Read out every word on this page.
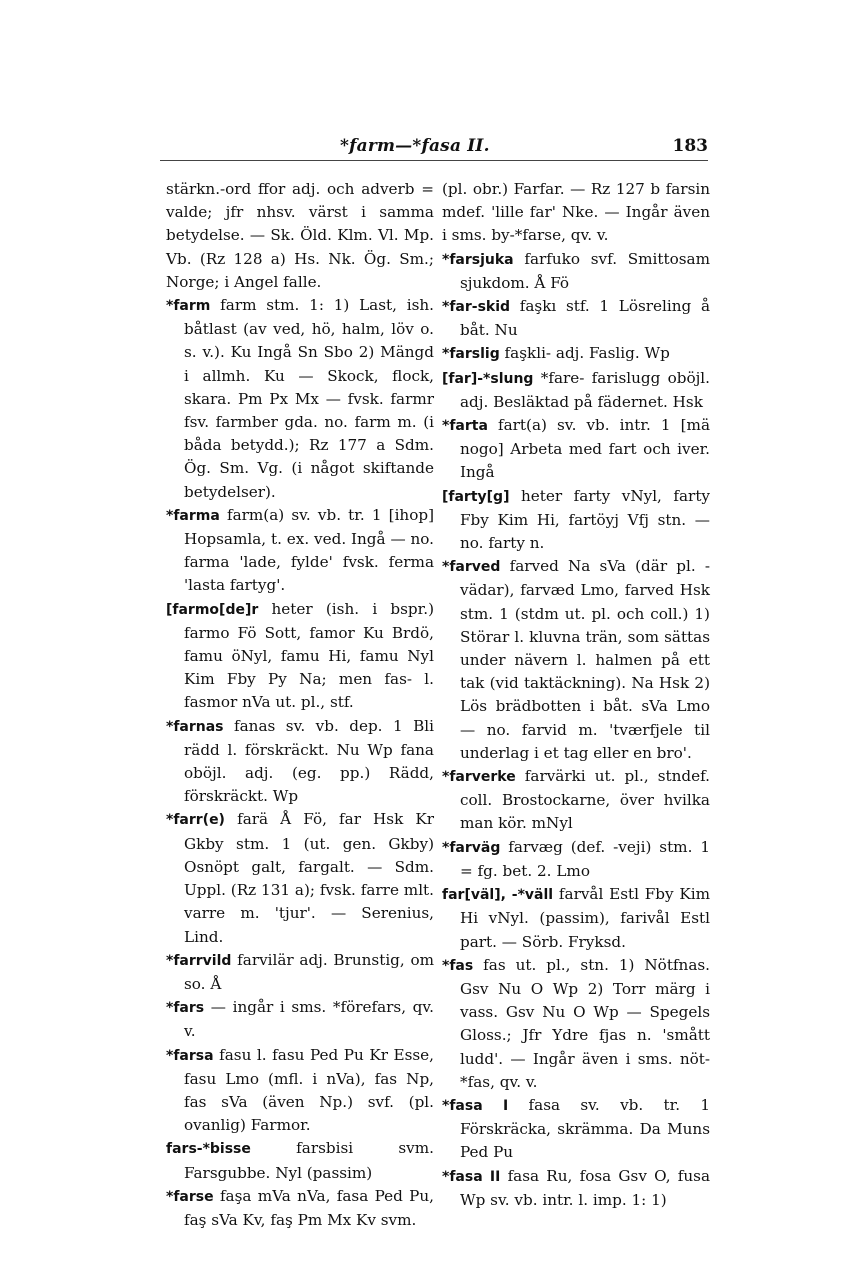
*farm—*fasa II.	183

stärkn.-ord ffor adj. och adverb = valde; jfr nhsv. värst i samma betydelse. — Sk. Öld. Klm. Vl. Mp. Vb. (Rz 128 a) Hs. Nk. Ög. Sm.; Norge; i Angel falle.

*farm farm stm. 1: 1) Last, ish. båtlast (av ved, hö, halm, löv o. s. v.). Ku Ingå Sn Sbo 2) Mängd i allmh. Ku — Skock, flock, skara. Pm Px Mx — fvsk. farmr fsv. farmber gda. no. farm m. (i båda betydd.); Rz 177 a Sdm. Ög. Sm. Vg. (i något skiftande betydelser).

*farma farm(a) sv. vb. tr. 1 [ihop] Hopsamla, t. ex. ved. Ingå — no. farma 'lade, fylde' fvsk. ferma 'lasta fartyg'.

[farmo[de]r heter (ish. i bspr.) farmo Fö Sott, famor Ku Brdö, famu öNyl, famu Hi, famu Nyl Kim Fby Py Na; men fas- l. fasmor nVa ut. pl., stf.

*farnas fanas sv. vb. dep. 1 Bli rädd l. förskräckt. Nu Wp fana oböjl. adj. (eg. pp.) Rädd, förskräckt. Wp

*farr(e) farä Å Fö, far Hsk Kr Gkby stm. 1 (ut. gen. Gkby) Osnöpt galt, fargalt. — Sdm. Uppl. (Rz 131 a); fvsk. farre mlt. varre m. 'tjur'. — Serenius, Lind.

*farrvild farvilär adj. Brunstig, om so. Å

*fars — ingår i sms. *förefars, qv. v.

*farsa fasu l. fasu Ped Pu Kr Esse, fasu Lmo (mfl. i nVa), fas Np, fas sVa (även Np.) svf. (pl. ovanlig) Farmor.

fars-*bisse	farsbisi svm. Farsgubbe. Nyl (passim)

*farse faşa mVa nVa, fasa Ped Pu, faş sVa Kv, faş Pm Mx Kv svm.

(pl. obr.) Farfar. — Rz 127 b farsin mdef. 'lille far' Nke. — Ingår även i sms. by-*farse, qv. v.

*farsjuka farfuko svf. Smittosam sjukdom. Å Fö

*far-skid faşkı stf. 1 Lösreling å båt. Nu

*farslig faşkli- adj. Faslig. Wp

[far]-*slung *fare- farislugg oböjl. adj. Besläktad på fädernet. Hsk

*farta fart(a) sv. vb. intr. 1 [mä nogo] Arbeta med fart och iver. Ingå

[farty[g] heter farty vNyl, farty Fby Kim Hi, fartöyj Vfj stn. — no. farty n.

*farved farved Na sVa (där pl. -vädar), farvæd Lmo, farved Hsk stm. 1 (stdm ut. pl. och coll.) 1) Störar l. kluvna trän, som sättas under nävern l. halmen på ett tak (vid taktäckning). Na Hsk 2) Lös brädbotten i båt. sVa Lmo — no. farvid m. 'tværfjele til underlag i et tag eller en bro'.

*farverke farvärki ut. pl., stndef. coll. Brostockarne, över hvilka man kör. mNyl

*farväg farvæg (def. -veji) stm. 1 = fg. bet. 2. Lmo

far[väl], -*väll farvål Estl Fby Kim Hi vNyl. (passim), farivål Estl part. — Sörb. Fryksd.

*fas fas ut. pl., stn. 1) Nötfnas. Gsv Nu O Wp 2) Torr märg i vass. Gsv Nu O Wp — Spegels Gloss.; Jfr Ydre fjas n. 'smått ludd'. — Ingår även i sms. nöt-*fas, qv. v.

*fasa I fasa sv. vb. tr. 1 Förskräcka, skrämma. Da Muns Ped Pu

*fasa II fasa Ru, fosa Gsv O, fusa Wp sv. vb. intr. l. imp. 1: 1)
